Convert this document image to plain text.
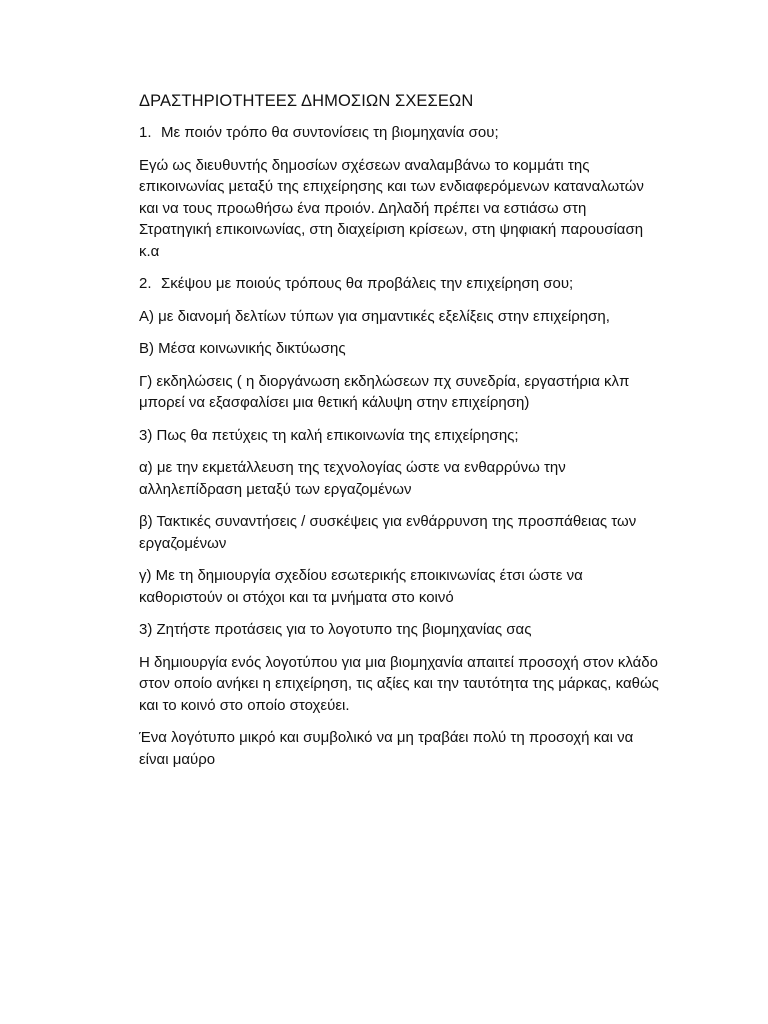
ΔΡΑΣΤΗΡΙΟΤΗΤΕΕΣ ΔΗΜΟΣΙΩΝ ΣΧΕΣΕΩΝ
1. Με ποιόν τρόπο θα συντονίσεις τη βιομηχανία σου;

Εγώ ως διευθυντής δημοσίων σχέσεων αναλαμβάνω το κομμάτι της επικοινωνίας μεταξύ της επιχείρησης και των ενδιαφερόμενων καταναλωτών και να τους προωθήσω ένα προιόν. Δηλαδή πρέπει να εστιάσω στη Στρατηγική επικοινωνίας, στη διαχείριση κρίσεων, στη ψηφιακή παρουσίαση κ.α

2. Σκέψου με ποιούς τρόπους θα προβάλεις την επιχείρηση σου;

Α) με διανομή δελτίων τύπων για σημαντικές εξελίξεις στην επιχείρηση,

Β) Μέσα κοινωνικής δικτύωσης

Γ) εκδηλώσεις ( η διοργάνωση εκδηλώσεων πχ συνεδρία, εργαστήρια κλπ μπορεί να εξασφαλίσει μια θετική κάλυψη στην επιχείρηση)

3) Πως θα πετύχεις τη καλή επικοινωνία της επιχείρησης;

α) με την εκμετάλλευση της τεχνολογίας ώστε να ενθαρρύνω την αλληλεπίδραση μεταξύ των εργαζομένων

β) Τακτικές συναντήσεις / συσκέψεις για ενθάρρυνση της προσπάθειας των εργαζομένων

γ) Με τη δημιουργία σχεδίου εσωτερικής εποικινωνίας έτσι ώστε να καθοριστούν οι στόχοι και τα μνήματα στο κοινό

3) Ζητήστε προτάσεις για το λογοτυπο της βιομηχανίας σας

Η δημιουργία ενός λογοτύπου για μια βιομηχανία απαιτεί προσοχή στον κλάδο στον οποίο ανήκει η επιχείρηση, τις αξίες και την ταυτότητα της μάρκας, καθώς και το κοινό στο οποίο στοχεύει.

Ένα λογότυπο μικρό και συμβολικό να μη τραβάει πολύ τη προσοχή και να είναι μαύρο
